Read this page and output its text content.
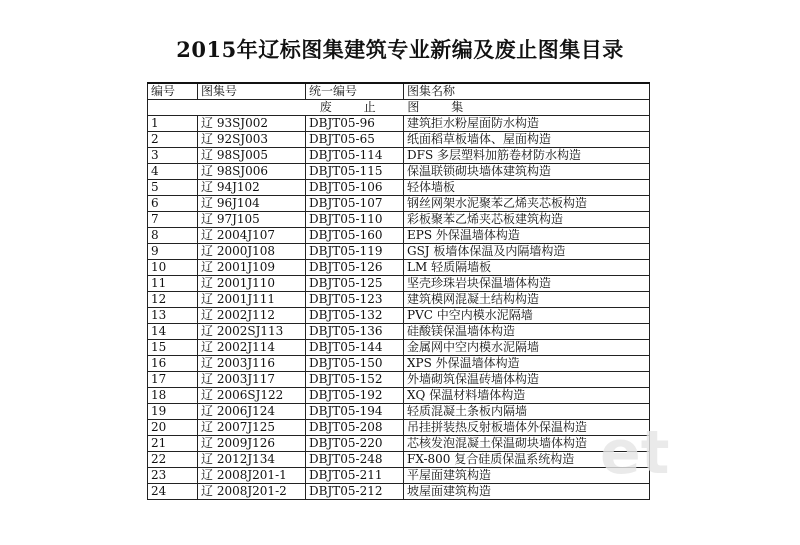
2015年辽标图集建筑专业新编及废止图集目录
编号	图集号	统一编号	图集名称
废 止 图 集			
1	辽 93SJ002	DBJT05-96	建筑拒水粉屋面防水构造
2	辽 92SJ003	DBJT05-65	纸面稻草板墙体、屋面构造
3	辽 98SJ005	DBJT05-114	DFS 多层塑料加筋卷材防水构造
4	辽 98SJ006	DBJT05-115	保温联锁砌块墙体建筑构造
5	辽 94J102	DBJT05-106	轻体墙板
6	辽 96J104	DBJT05-107	钢丝网架水泥聚苯乙烯夹芯板构造
7	辽 97J105	DBJT05-110	彩板聚苯乙烯夹芯板建筑构造
8	辽 2004J107	DBJT05-160	EPS 外保温墙体构造
9	辽 2000J108	DBJT05-119	GSJ 板墙体保温及内隔墙构造
10	辽 2001J109	DBJT05-126	LM 轻质隔墙板
11	辽 2001J110	DBJT05-125	坚壳珍珠岩块保温墙体构造
12	辽 2001J111	DBJT05-123	建筑模网混凝土结构构造
13	辽 2002J112	DBJT05-132	PVC 中空内模水泥隔墙
14	辽 2002SJ113	DBJT05-136	硅酸镁保温墙体构造
15	辽 2002J114	DBJT05-144	金属网中空内模水泥隔墙
16	辽 2003J116	DBJT05-150	XPS 外保温墙体构造
17	辽 2003J117	DBJT05-152	外墙砌筑保温砖墙体构造
18	辽 2006SJ122	DBJT05-192	XQ 保温材料墙体构造
19	辽 2006J124	DBJT05-194	轻质混凝土条板内隔墙
20	辽 2007J125	DBJT05-208	吊挂拼装热反射板墙体外保温构造
21	辽 2009J126	DBJT05-220	芯核发泡混凝土保温砌块墙体构造
22	辽 2012J134	DBJT05-248	FX-800 复合硅质保温系统构造
23	辽 2008J201-1	DBJT05-211	平屋面建筑构造
24	辽 2008J201-2	DBJT05-212	坡屋面建筑构造
et
